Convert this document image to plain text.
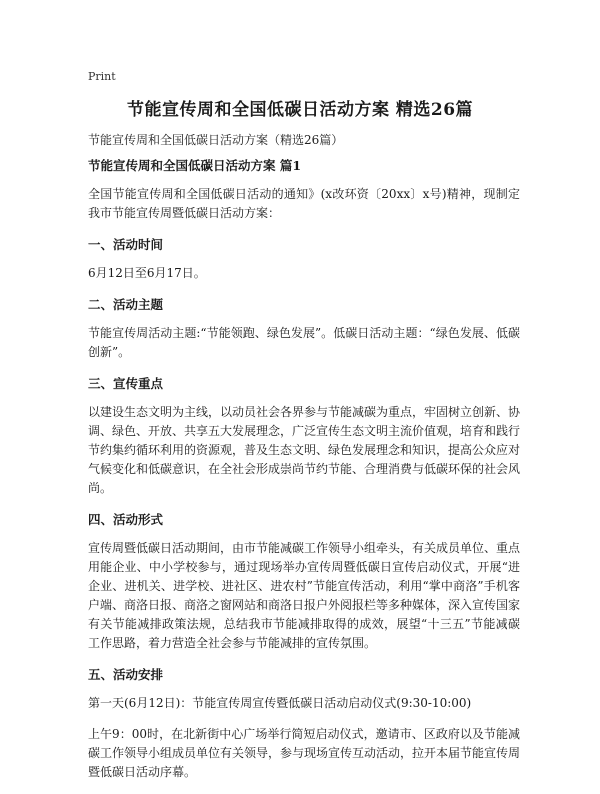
Print
节能宣传周和全国低碳日活动方案 精选26篇
节能宣传周和全国低碳日活动方案（精选26篇）
节能宣传周和全国低碳日活动方案 篇1

全国节能宣传周和全国低碳日活动的通知》(x改环资〔20xx〕x号)精神，现制定我市节能宣传周暨低碳日活动方案：

一、活动时间

6月12日至6月17日。

二、活动主题

节能宣传周活动主题:“节能领跑、绿色发展”。低碳日活动主题：“绿色发展、低碳创新”。

三、宣传重点

以建设生态文明为主线，以动员社会各界参与节能减碳为重点，牢固树立创新、协调、绿色、开放、共享五大发展理念，广泛宣传生态文明主流价值观，培育和践行节约集约循环利用的资源观，普及生态文明、绿色发展理念和知识，提高公众应对气候变化和低碳意识，在全社会形成崇尚节约节能、合理消费与低碳环保的社会风尚。

四、活动形式

宣传周暨低碳日活动期间，由市节能减碳工作领导小组牵头，有关成员单位、重点用能企业、中小学校参与，通过现场举办宣传周暨低碳日宣传启动仪式，开展“进企业、进机关、进学校、进社区、进农村”节能宣传活动，利用“掌中商洛”手机客户端、商洛日报、商洛之窗网站和商洛日报户外阅报栏等多种媒体，深入宣传国家有关节能减排政策法规，总结我市节能减排取得的成效，展望“十三五”节能减碳工作思路，着力营造全社会参与节能减排的宣传氛围。

五、活动安排

第一天(6月12日)：节能宣传周宣传暨低碳日活动启动仪式(9:30-10:00)

上午9：00时，在北新街中心广场举行简短启动仪式，邀请市、区政府以及节能减碳工作领导小组成员单位有关领导，参与现场宣传互动活动，拉开本届节能宣传周暨低碳日活动序幕。
